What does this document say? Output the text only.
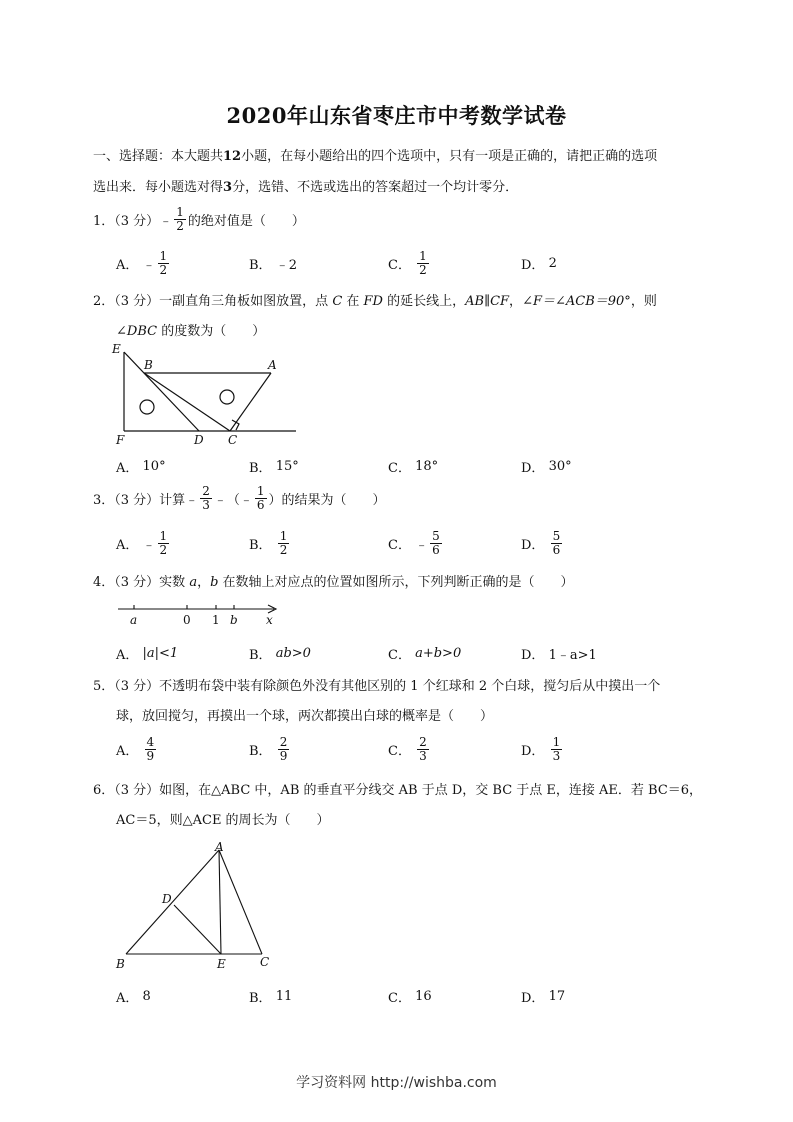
2020年山东省枣庄市中考数学试卷
一、选择题：本大题共12小题，在每小题给出的四个选项中，只有一项是正确的，请把正确的选项
选出来．每小题选对得3分，选错、不选或选出的答案超过一个均计零分．
1．（3 分） ﹣ $\frac{1}{2}$ 的绝对值是（　　）
A．
﹣ $\frac{1}{2}$	B．
﹣2	C．
$\frac{1}{2}$	D．
2
2．（3 分）一副直角三角板如图放置，点 C 在 FD 的延长线上，AB∥CF，∠F＝∠ACB＝90°，则
∠DBC 的度数为（　　）
E
B	A
F	D C
A．
10°	B．
15°	C．
18°	D．
30°
3．（3 分）计算 ﹣ $\frac{2}{3}$ ﹣（﹣ $\frac{1}{6}$ ）的结果为（　　）
A．
﹣ $\frac{1}{2}$	B．
$\frac{1}{2}$	C．
﹣ $\frac{5}{6}$	D．
$\frac{5}{6}$
4．（3 分）实数 a，b 在数轴上对应点的位置如图所示，下列判断正确的是（　　）
a	0 1 b x
A．
|a|<1	B．
ab>0	C．
a+b>0	D．
1﹣a>1
5．（3 分）不透明布袋中装有除颜色外没有其他区别的 1 个红球和 2 个白球，搅匀后从中摸出一个
球，放回搅匀，再摸出一个球，两次都摸出白球的概率是（　　）
A．
$\frac{4}{9}$	B．
$\frac{2}{9}$	C．
$\frac{2}{3}$	D．
$\frac{1}{3}$
6．（3 分）如图，在△ABC 中，AB 的垂直平分线交 AB 于点 D，交 BC 于点 E，连接 AE．若 BC＝6，
AC＝5，则△ACE 的周长为（　　）
A
D
B	E	C
A．
8	B．
11	C．
16	D．
17
学习资料网 http://wishba.com
